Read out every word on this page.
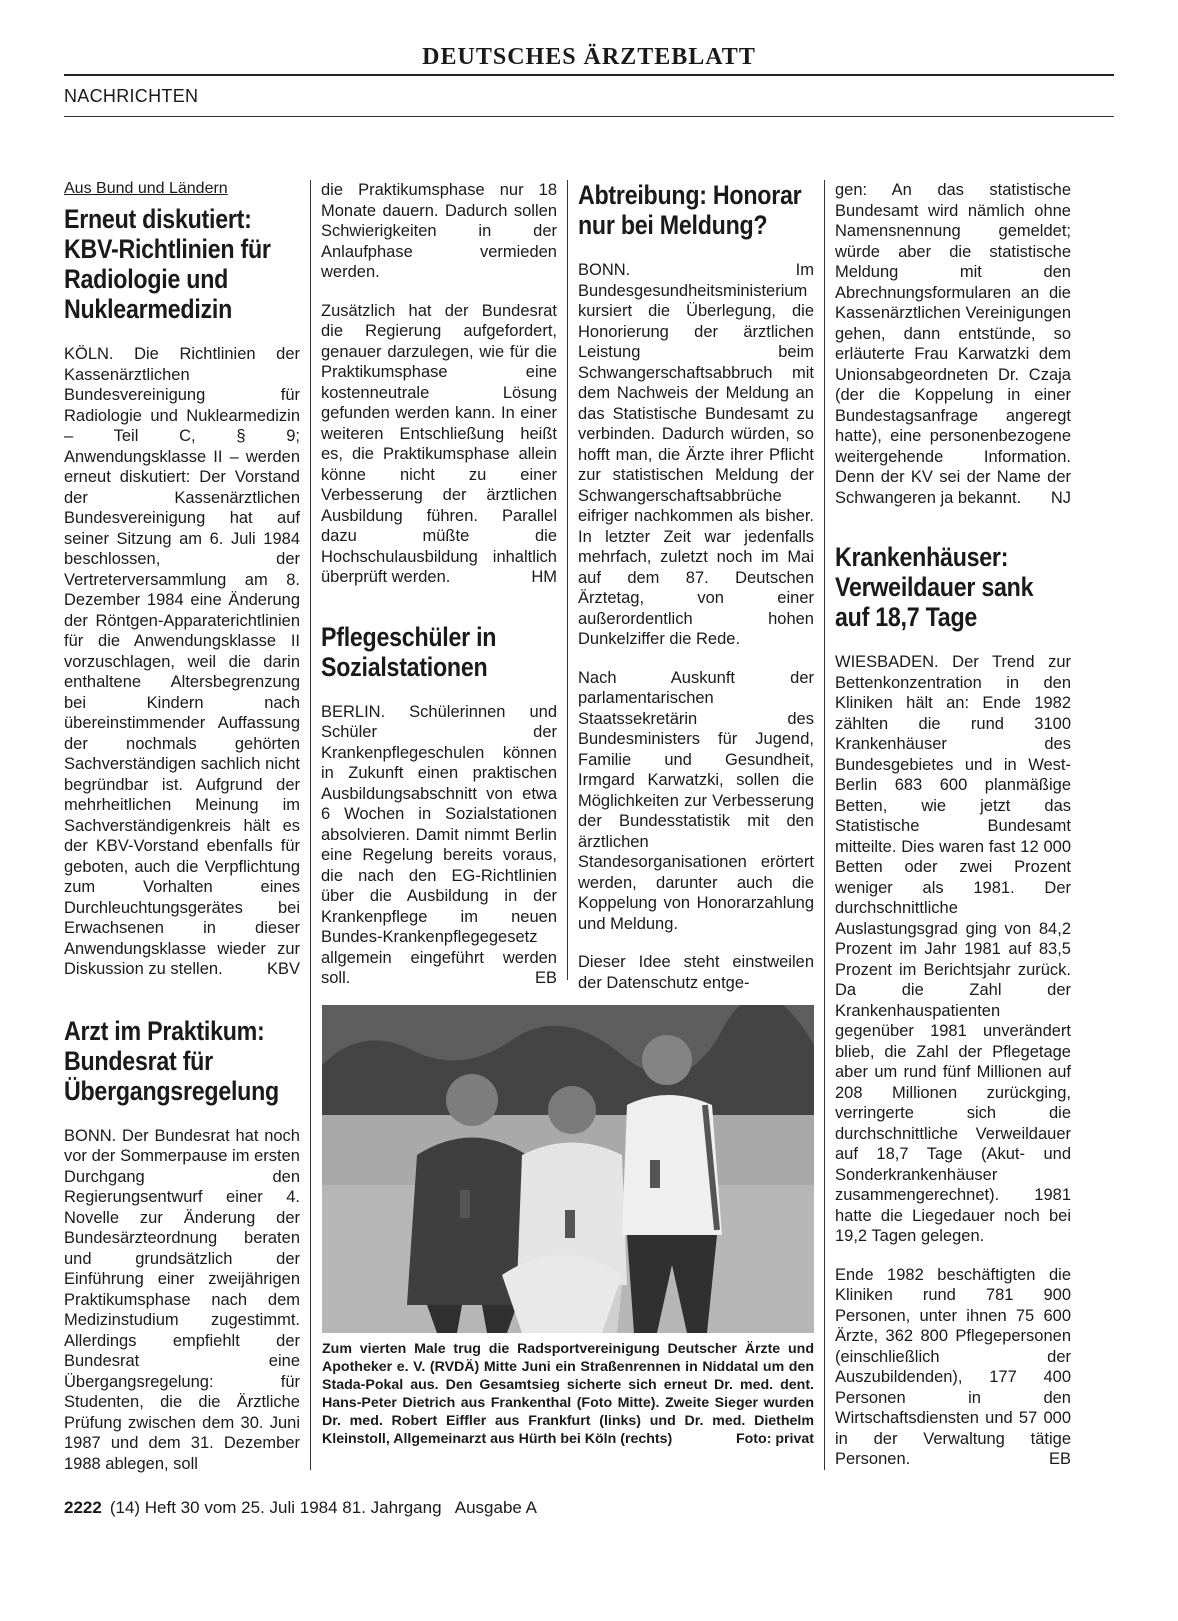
DEUTSCHES ÄRZTEBLATT
NACHRICHTEN
Aus Bund und Ländern
Erneut diskutiert: KBV-Richtlinien für Radiologie und Nuklearmedizin

KÖLN. Die Richtlinien der Kassenärztlichen Bundesvereinigung für Radiologie und Nuklearmedizin – Teil C, § 9; Anwendungsklasse II – werden erneut diskutiert: Der Vorstand der Kassenärztlichen Bundesvereinigung hat auf seiner Sitzung am 6. Juli 1984 beschlossen, der Vertreterversammlung am 8. Dezember 1984 eine Änderung der Röntgen-Apparaterichtlinien für die Anwendungsklasse II vorzuschlagen, weil die darin enthaltene Altersbegrenzung bei Kindern nach übereinstimmender Auffassung der nochmals gehörten Sachverständigen sachlich nicht begründbar ist. Aufgrund der mehrheitlichen Meinung im Sachverständigenkreis hält es der KBV-Vorstand ebenfalls für geboten, auch die Verpflichtung zum Vorhalten eines Durchleuchtungsgerätes bei Erwachsenen in dieser Anwendungsklasse wieder zur Diskussion zu stellen.	KBV

Arzt im Praktikum: Bundesrat für Übergangsregelung

BONN. Der Bundesrat hat noch vor der Sommerpause im ersten Durchgang den Regierungsentwurf einer 4. Novelle zur Änderung der Bundesärzteordnung beraten und grundsätzlich der Einführung einer zweijährigen Praktikumsphase nach dem Medizinstudium zugestimmt. Allerdings empfiehlt der Bundesrat eine Übergangsregelung: für Studenten, die die Ärztliche Prüfung zwischen dem 30. Juni 1987 und dem 31. Dezember 1988 ablegen, soll

die Praktikumsphase nur 18 Monate dauern. Dadurch sollen Schwierigkeiten in der Anlaufphase vermieden werden.

Zusätzlich hat der Bundesrat die Regierung aufgefordert, genauer darzulegen, wie für die Praktikumsphase eine kostenneutrale Lösung gefunden werden kann. In einer weiteren Entschließung heißt es, die Praktikumsphase allein könne nicht zu einer Verbesserung der ärztlichen Ausbildung führen. Parallel dazu müßte die Hochschulausbildung inhaltlich überprüft werden.	HM

Pflegeschüler in Sozialstationen

BERLIN. Schülerinnen und Schüler der Krankenpflegeschulen können in Zukunft einen praktischen Ausbildungsabschnitt von etwa 6 Wochen in Sozialstationen absolvieren. Damit nimmt Berlin eine Regelung bereits voraus, die nach den EG-Richtlinien über die Ausbildung in der Krankenpflege im neuen Bundes-Krankenpflegegesetz allgemein eingeführt werden soll.	EB

Abtreibung: Honorar nur bei Meldung?

BONN. Im Bundesgesundheitsministerium kursiert die Überlegung, die Honorierung der ärztlichen Leistung beim Schwangerschaftsabbruch mit dem Nachweis der Meldung an das Statistische Bundesamt zu verbinden. Dadurch würden, so hofft man, die Ärzte ihrer Pflicht zur statistischen Meldung der Schwangerschaftsabbrüche eifriger nachkommen als bisher. In letzter Zeit war jedenfalls mehrfach, zuletzt noch im Mai auf dem 87. Deutschen Ärztetag, von einer außerordentlich hohen Dunkelziffer die Rede.

Nach Auskunft der parlamentarischen Staatssekretärin des Bundesministers für Jugend, Familie und Gesundheit, Irmgard Karwatzki, sollen die Möglichkeiten zur Verbesserung der Bundesstatistik mit den ärztlichen Standesorganisationen erörtert werden, darunter auch die Koppelung von Honorarzahlung und Meldung.

Dieser Idee steht einstweilen der Datenschutz entge-

gen: An das statistische Bundesamt wird nämlich ohne Namensnennung gemeldet; würde aber die statistische Meldung mit den Abrechnungsformularen an die Kassenärztlichen Vereinigungen gehen, dann entstünde, so erläuterte Frau Karwatzki dem Unionsabgeordneten Dr. Czaja (der die Koppelung in einer Bundestagsanfrage angeregt hatte), eine personenbezogene weitergehende Information. Denn der KV sei der Name der Schwangeren ja bekannt. NJ

Krankenhäuser: Verweildauer sank auf 18,7 Tage

WIESBADEN. Der Trend zur Bettenkonzentration in den Kliniken hält an: Ende 1982 zählten die rund 3100 Krankenhäuser des Bundesgebietes und in West-Berlin 683 600 planmäßige Betten, wie jetzt das Statistische Bundesamt mitteilte. Dies waren fast 12 000 Betten oder zwei Prozent weniger als 1981. Der durchschnittliche Auslastungsgrad ging von 84,2 Prozent im Jahr 1981 auf 83,5 Prozent im Berichtsjahr zurück. Da die Zahl der Krankenhauspatienten gegenüber 1981 unverändert blieb, die Zahl der Pflegetage aber um rund fünf Millionen auf 208 Millionen zurückging, verringerte sich die durchschnittliche Verweildauer auf 18,7 Tage (Akut- und Sonderkrankenhäuser zusammengerechnet). 1981 hatte die Liegedauer noch bei 19,2 Tagen gelegen.

Ende 1982 beschäftigten die Kliniken rund 781 900 Personen, unter ihnen 75 600 Ärzte, 362 800 Pflegepersonen (einschließlich der Auszubildenden), 177 400 Personen in den Wirtschaftsdiensten und 57 000 in der Verwaltung tätige Personen.	EB

Zum vierten Male trug die Radsportvereinigung Deutscher Ärzte und Apotheker e. V. (RVDÄ) Mitte Juni ein Straßenrennen in Niddatal um den Stada-Pokal aus. Den Gesamtsieg sicherte sich erneut Dr. med. dent. Hans-Peter Dietrich aus Frankenthal (Foto Mitte). Zweite Sieger wurden Dr. med. Robert Eiffler aus Frankfurt (links) und Dr. med. Diethelm Kleinstoll, Allgemeinarzt aus Hürth bei Köln (rechts)	Foto: privat
2222 (14) Heft 30 vom 25. Juli 1984 81. Jahrgang   Ausgabe A
